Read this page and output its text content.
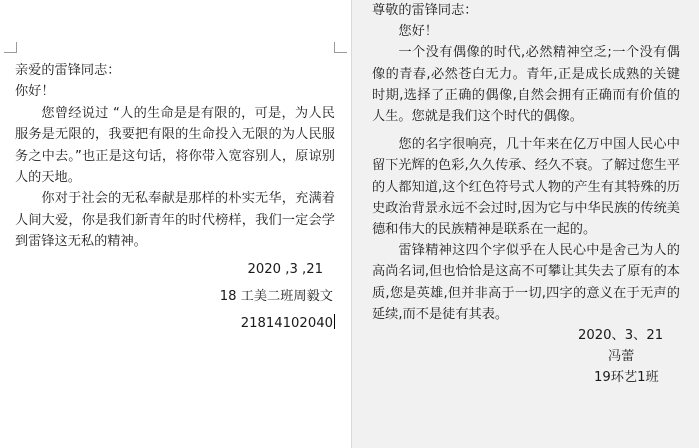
亲爱的雷锋同志：
你好！
您曾经说过 “人的生命是是有限的，可是，为人民服务是无限的，我要把有限的生命投入无限的为人民服务之中去。”也正是这句话，将你带入宽容别人，原谅别人的天地。
你对于社会的无私奉献是那样的朴实无华，充满着人间大爱，你是我们新青年的时代榜样，我们一定会学到雷锋这无私的精神。
2020 ,3 ,21
18 工美二班周毅文
21814102040
尊敬的雷锋同志：
您好！
一个没有偶像的时代,必然精神空乏;一个没有偶像的青春,必然苍白无力。青年,正是成长成熟的关键时期,选择了正确的偶像,自然会拥有正确而有价值的人生。您就是我们这个时代的偶像。
您的名字很响亮，几十年来在亿万中国人民心中留下光辉的色彩,久久传承、经久不衰。了解过您生平的人都知道,这个红色符号式人物的产生有其特殊的历史政治背景永远不会过时,因为它与中华民族的传统美德和伟大的民族精神是联系在一起的。
雷锋精神这四个字似乎在人民心中是舍己为人的高尚名词,但也恰恰是这高不可攀让其失去了原有的本质,您是英雄,但并非高于一切,四字的意义在于无声的延续,而不是徒有其表。
2020、3、21
冯蕾
19环艺1班
